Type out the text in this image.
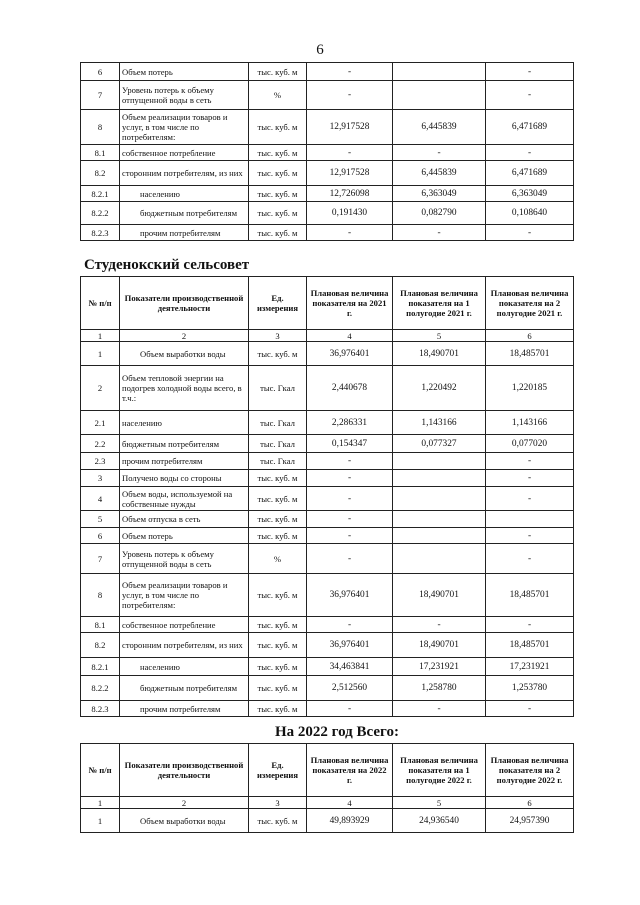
6
6	Объем потерь	тыс. куб. м	-		-
7	Уровень потерь к объему отпущенной воды в сеть	%	-		-
8	Объем реализации товаров и услуг, в том числе по потребителям:	тыс. куб. м	12,917528	6,445839	6,471689
8.1	собственное потребление	тыс. куб. м	-	-	-
8.2	сторонним потребителям, из них	тыс. куб. м	12,917528	6,445839	6,471689
8.2.1	населению	тыс. куб. м	12,726098	6,363049	6,363049
8.2.2	бюджетным потребителям	тыс. куб. м	0,191430	0,082790	0,108640
8.2.3	прочим потребителям	тыс. куб. м	-	-	-
Студенокский сельсовет
№ п/п	Показатели производственной деятельности	Ед. измерения	Плановая величина показателя на 2021 г.	Плановая величина показателя на 1 полугодие 2021 г.	Плановая величина показателя на 2 полугодие 2021 г.
1	2	3	4	5	6
1	Объем выработки воды	тыс. куб. м	36,976401	18,490701	18,485701
2	Объем тепловой энергии на подогрев холодной воды всего, в т.ч.:	тыс. Гкал	2,440678	1,220492	1,220185
2.1	населению	тыс. Гкал	2,286331	1,143166	1,143166
2.2	бюджетным потребителям	тыс. Гкал	0,154347	0,077327	0,077020
2.3	прочим потребителям	тыс. Гкал	-		-
3	Получено воды со стороны	тыс. куб. м	-		-
4	Объем воды, используемой на собственные нужды	тыс. куб. м	-		-
5	Объем отпуска в сеть	тыс. куб. м	-		
6	Объем потерь	тыс. куб. м	-		-
7	Уровень потерь к объему отпущенной воды в сеть	%	-		-
8	Объем реализации товаров и услуг, в том числе по потребителям:	тыс. куб. м	36,976401	18,490701	18,485701
8.1	собственное потребление	тыс. куб. м	-	-	-
8.2	сторонним потребителям, из них	тыс. куб. м	36,976401	18,490701	18,485701
8.2.1	населению	тыс. куб. м	34,463841	17,231921	17,231921
8.2.2	бюджетным потребителям	тыс. куб. м	2,512560	1,258780	1,253780
8.2.3	прочим потребителям	тыс. куб. м	-	-	-
На 2022 год Всего:
№ п/п	Показатели производственной деятельности	Ед. измерения	Плановая величина показателя на 2022 г.	Плановая величина показателя на 1 полугодие 2022 г.	Плановая величина показателя на 2 полугодие 2022 г.
1	2	3	4	5	6
1	Объем выработки воды	тыс. куб. м	49,893929	24,936540	24,957390
